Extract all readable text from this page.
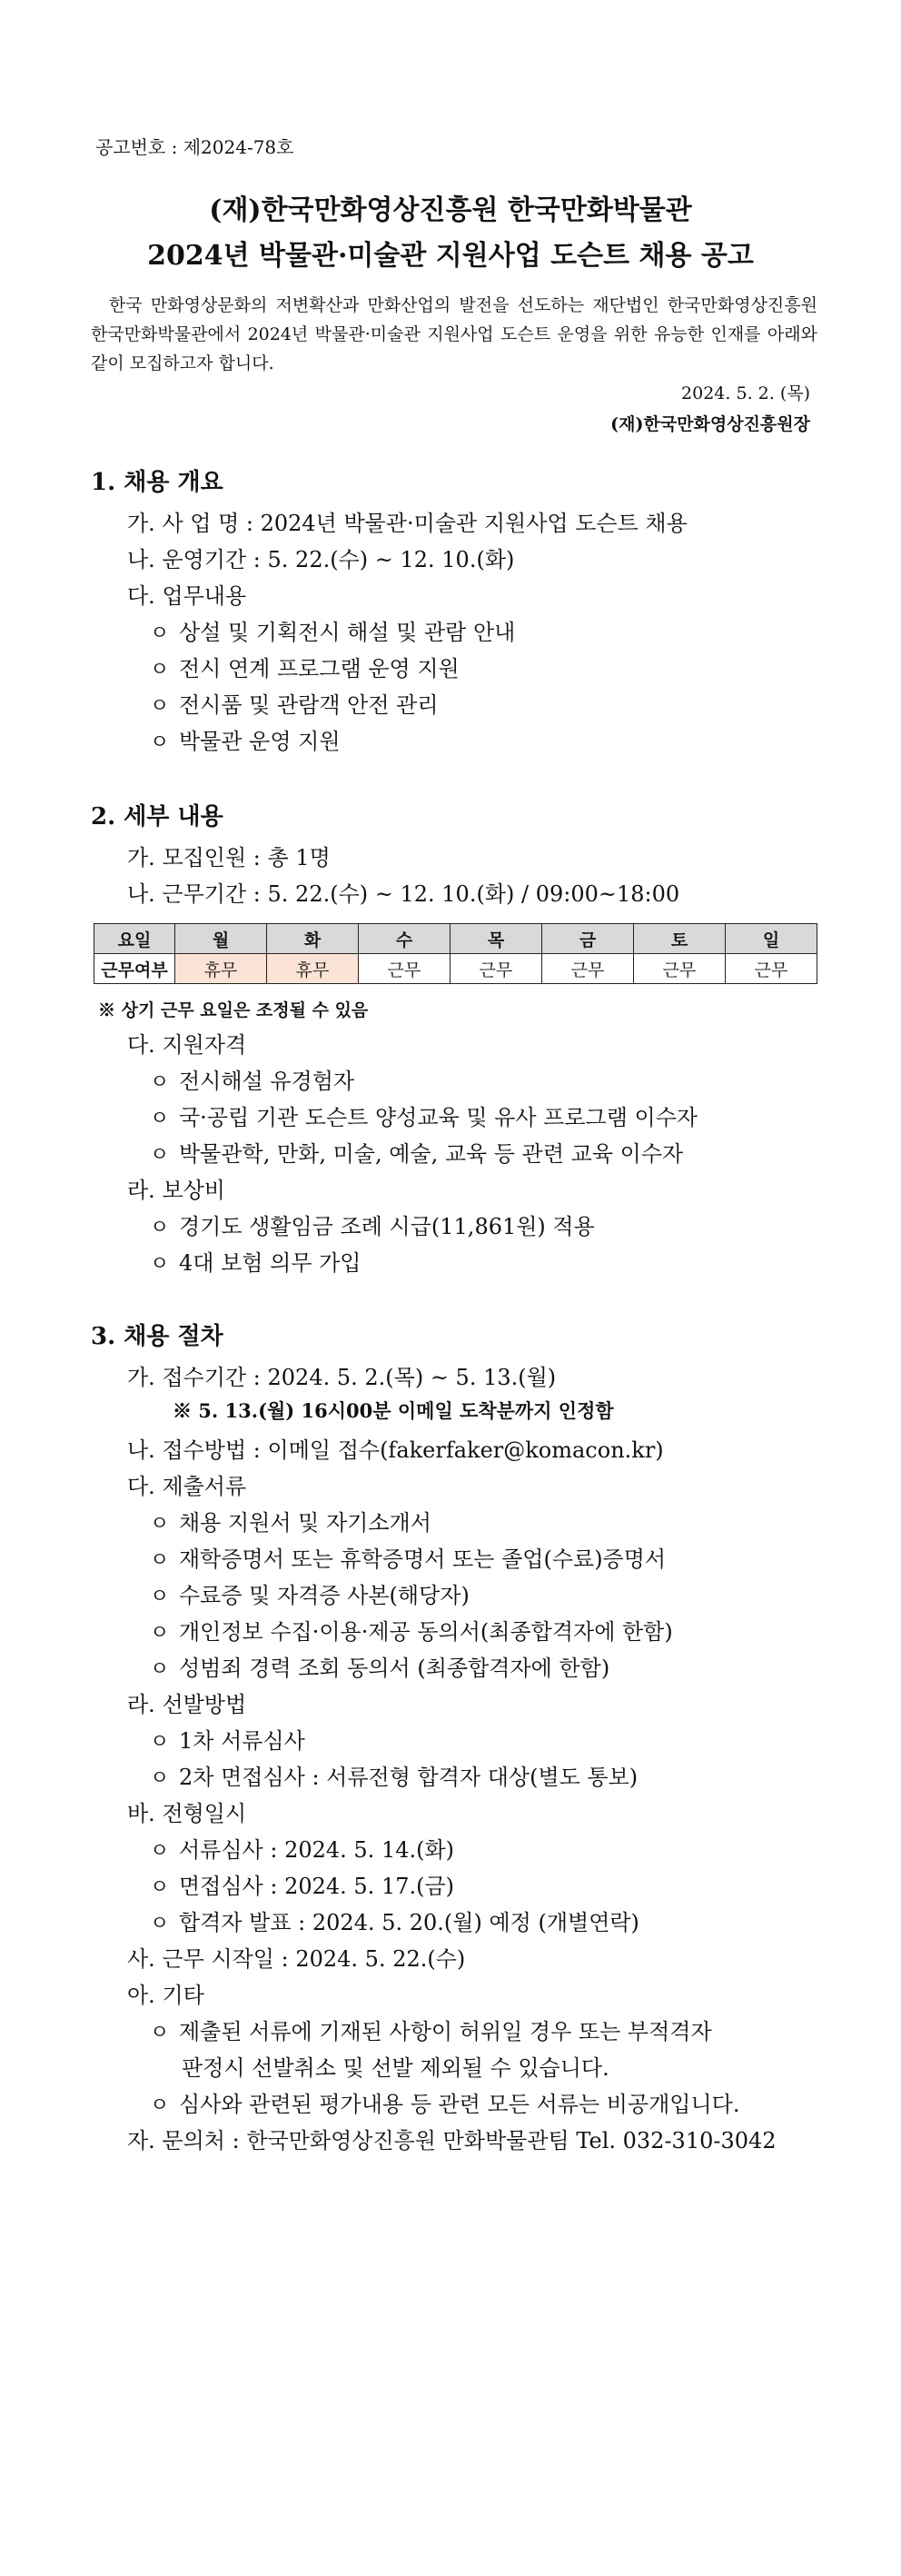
공고번호 : 제2024-78호
(재)한국만화영상진흥원 한국만화박물관
2024년 박물관·미술관 지원사업 도슨트 채용 공고
한국 만화영상문화의 저변확산과 만화산업의 발전을 선도하는 재단법인 한국만화영상진흥원 한국만화박물관에서 2024년 박물관·미술관 지원사업 도슨트 운영을 위한 유능한 인재를 아래와 같이 모집하고자 합니다.
2024. 5. 2. (목)
(재)한국만화영상진흥원장
1. 채용 개요
가. 사 업 명 : 2024년 박물관·미술관 지원사업 도슨트 채용
나. 운영기간 : 5. 22.(수) ~ 12. 10.(화)
다. 업무내용
ㅇ 상설 및 기획전시 해설 및 관람 안내
ㅇ 전시 연계 프로그램 운영 지원
ㅇ 전시품 및 관람객 안전 관리
ㅇ 박물관 운영 지원
2. 세부 내용
가. 모집인원 : 총 1명
나. 근무기간 : 5. 22.(수) ~ 12. 10.(화) / 09:00~18:00
요일	월	화	수	목	금	토	일
근무여부	휴무	휴무	근무	근무	근무	근무	근무
※ 상기 근무 요일은 조정될 수 있음
다. 지원자격
ㅇ 전시해설 유경험자
ㅇ 국·공립 기관 도슨트 양성교육 및 유사 프로그램 이수자
ㅇ 박물관학, 만화, 미술, 예술, 교육 등 관련 교육 이수자
라. 보상비
ㅇ 경기도 생활임금 조례 시급(11,861원) 적용
ㅇ 4대 보험 의무 가입
3. 채용 절차
가. 접수기간 : 2024. 5. 2.(목) ~ 5. 13.(월)
※ 5. 13.(월) 16시00분 이메일 도착분까지 인정함
나. 접수방법 : 이메일 접수(fakerfaker@komacon.kr)
다. 제출서류
ㅇ 채용 지원서 및 자기소개서
ㅇ 재학증명서 또는 휴학증명서 또는 졸업(수료)증명서
ㅇ 수료증 및 자격증 사본(해당자)
ㅇ 개인정보 수집·이용·제공 동의서(최종합격자에 한함)
ㅇ 성범죄 경력 조회 동의서 (최종합격자에 한함)
라. 선발방법
ㅇ 1차 서류심사
ㅇ 2차 면접심사 : 서류전형 합격자 대상(별도 통보)
바. 전형일시
ㅇ 서류심사 : 2024. 5. 14.(화)
ㅇ 면접심사 : 2024. 5. 17.(금)
ㅇ 합격자 발표 : 2024. 5. 20.(월) 예정 (개별연락)
사. 근무 시작일 : 2024. 5. 22.(수)
아. 기타
ㅇ 제출된 서류에 기재된 사항이 허위일 경우 또는 부적격자
판정시 선발취소 및 선발 제외될 수 있습니다.
ㅇ 심사와 관련된 평가내용 등 관련 모든 서류는 비공개입니다.
자. 문의처 : 한국만화영상진흥원 만화박물관팀 Tel. 032-310-3042
